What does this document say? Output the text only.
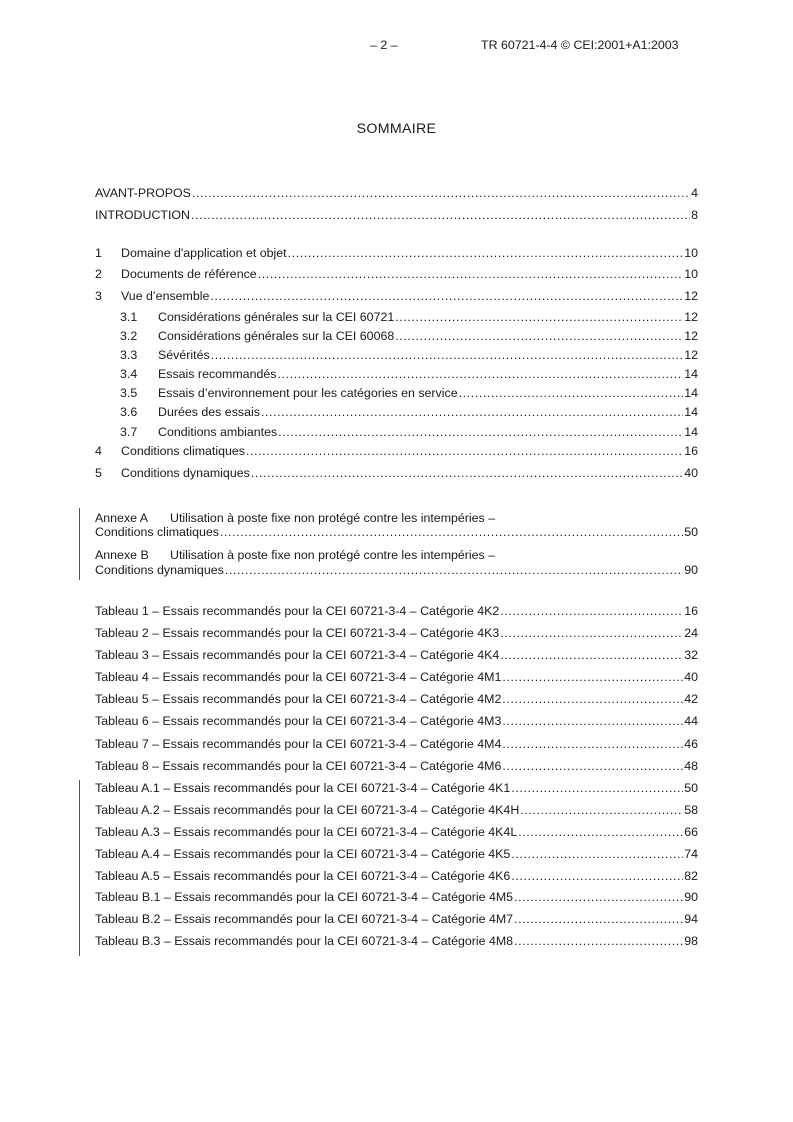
– 2 –	TR 60721-4-4 © CEI:2001+A1:2003
SOMMAIRE
AVANT-PROPOS .....	4
INTRODUCTION .....	8
1	Domaine d'application et objet .....	10
2	Documents de référence .....	10
3	Vue d’ensemble .....	12
3.1	Considérations générales sur la CEI 60721 .....	12
3.2	Considérations générales sur la CEI 60068 .....	12
3.3	Sévérités .....	12
3.4	Essais recommandés .....	14
3.5	Essais d’environnement pour les catégories en service .....	14
3.6	Durées des essais .....	14
3.7	Conditions ambiantes .....	14
4	Conditions climatiques .....	16
5	Conditions dynamiques .....	40
Annexe A Utilisation à poste fixe non protégé contre les intempéries –
Conditions climatiques .....	50
Annexe B Utilisation à poste fixe non protégé contre les intempéries –
Conditions dynamiques .....	90
Tableau 1 – Essais recommandés pour la CEI 60721-3-4 – Catégorie 4K2 .....	16
Tableau 2 – Essais recommandés pour la CEI 60721-3-4 – Catégorie 4K3 .....	24
Tableau 3 – Essais recommandés pour la CEI 60721-3-4 – Catégorie 4K4 .....	32
Tableau 4 – Essais recommandés pour la CEI 60721-3-4 – Catégorie 4M1 .....	40
Tableau 5 – Essais recommandés pour la CEI 60721-3-4 – Catégorie 4M2 .....	42
Tableau 6 – Essais recommandés pour la CEI 60721-3-4 – Catégorie 4M3 .....	44
Tableau 7 – Essais recommandés pour la CEI 60721-3-4 – Catégorie 4M4 .....	46
Tableau 8 – Essais recommandés pour la CEI 60721-3-4 – Catégorie 4M6 .....	48
Tableau A.1 – Essais recommandés pour la CEI 60721-3-4 – Catégorie 4K1 .....	50
Tableau A.2 – Essais recommandés pour la CEI 60721-3-4 – Catégorie 4K4H .....	58
Tableau A.3 – Essais recommandés pour la CEI 60721-3-4 – Catégorie 4K4L .....	66
Tableau A.4 – Essais recommandés pour la CEI 60721-3-4 – Catégorie 4K5 .....	74
Tableau A.5 – Essais recommandés pour la CEI 60721-3-4 – Catégorie 4K6 .....	82
Tableau B.1 – Essais recommandés pour la CEI 60721-3-4 – Catégorie 4M5 .....	90
Tableau B.2 – Essais recommandés pour la CEI 60721-3-4 – Catégorie 4M7 .....	94
Tableau B.3 – Essais recommandés pour la CEI 60721-3-4 – Catégorie 4M8 .....	98
